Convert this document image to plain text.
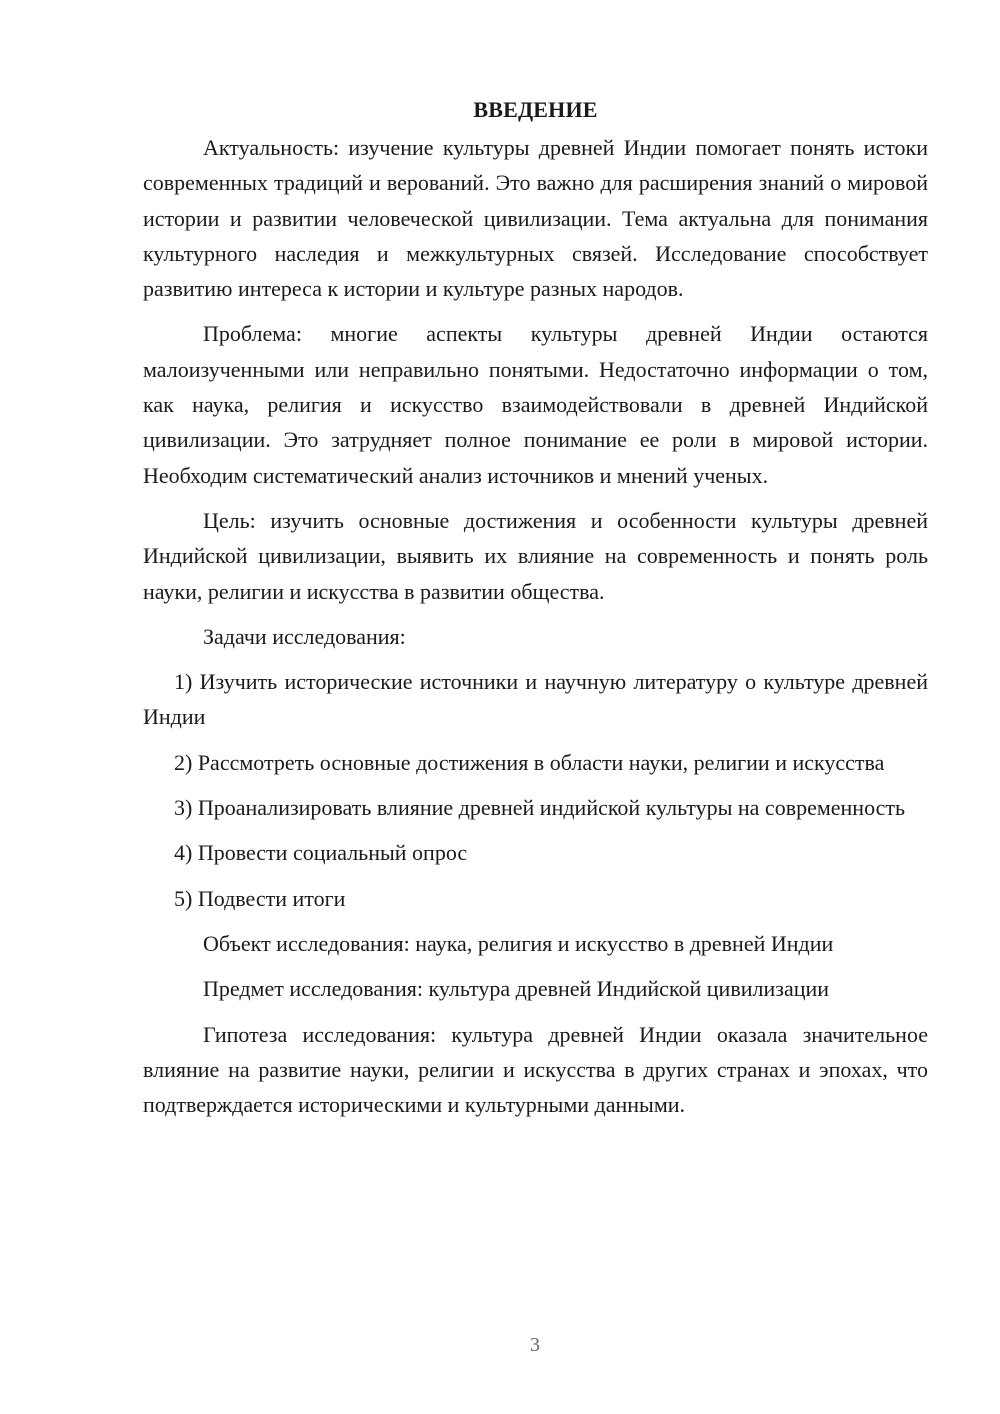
ВВЕДЕНИЕ

Актуальность: изучение культуры древней Индии помогает понять истоки современных традиций и верований. Это важно для расширения знаний о мировой истории и развитии человеческой цивилизации. Тема актуальна для понимания культурного наследия и межкультурных связей. Исследование способствует развитию интереса к истории и культуре разных народов.

Проблема: многие аспекты культуры древней Индии остаются малоизученными или неправильно понятыми. Недостаточно информации о том, как наука, религия и искусство взаимодействовали в древней Индийской цивилизации. Это затрудняет полное понимание ее роли в мировой истории. Необходим систематический анализ источников и мнений ученых.

Цель: изучить основные достижения и особенности культуры древней Индийской цивилизации, выявить их влияние на современность и понять роль науки, религии и искусства в развитии общества.

Задачи исследования:

1) Изучить исторические источники и научную литературу о культуре древней Индии

2) Рассмотреть основные достижения в области науки, религии и искусства

3) Проанализировать влияние древней индийской культуры на современность

4) Провести социальный опрос

5) Подвести итоги

Объект исследования: наука, религия и искусство в древней Индии

Предмет исследования: культура древней Индийской цивилизации

Гипотеза исследования: культура древней Индии оказала значительное влияние на развитие науки, религии и искусства в других странах и эпохах, что подтверждается историческими и культурными данными.

3
